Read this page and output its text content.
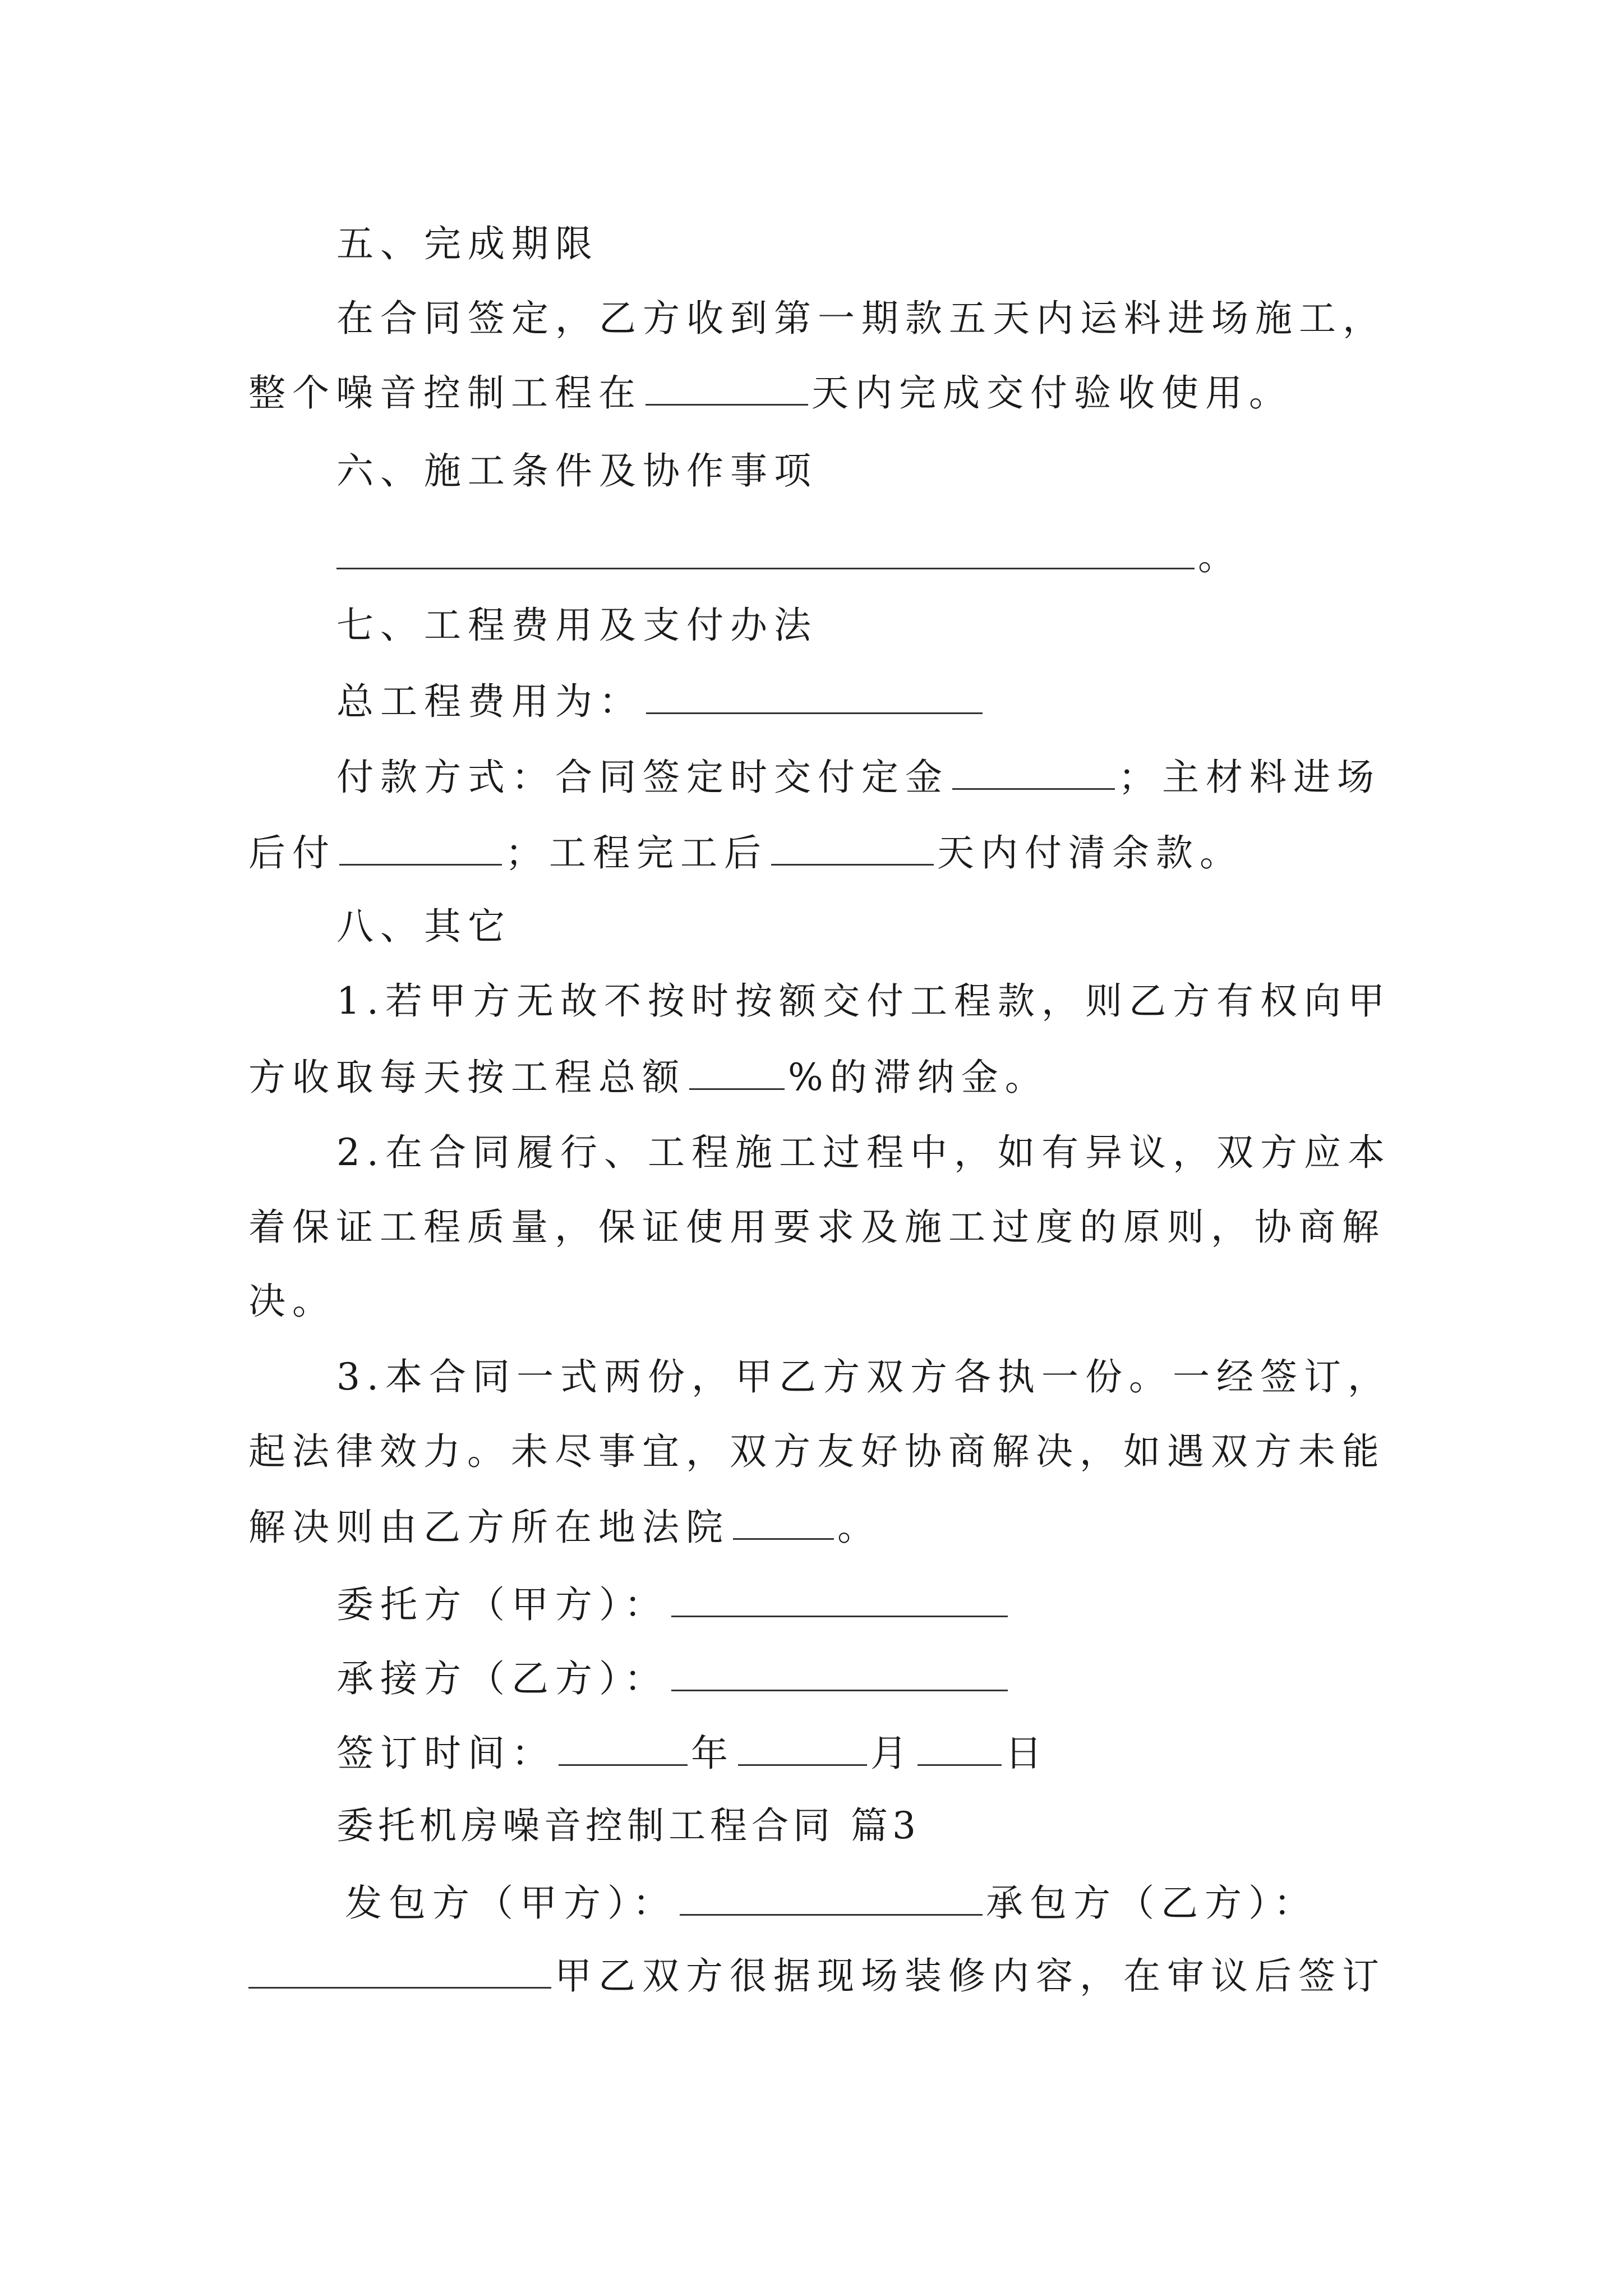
五、完成期限
在合同签定，乙方收到第一期款五天内运料进场施工，
整个噪音控制工程在	天内完成交付验收使用。
六、施工条件及协作事项
。
七、工程费用及支付办法
总工程费用为：
付款方式：合同签定时交付定金	；主材料进场
后付	；工程完工后	天内付清余款。
八、其它
1.若甲方无故不按时按额交付工程款，则乙方有权向甲
方收取每天按工程总额	%的滞纳金。
2.在合同履行、工程施工过程中，如有异议，双方应本
着保证工程质量，保证使用要求及施工过度的原则，协商解
决。
3.本合同一式两份，甲乙方双方各执一份。一经签订，
起法律效力。未尽事宜，双方友好协商解决，如遇双方未能
解决则由乙方所在地法院	。
委托方（甲方）：
承接方（乙方）：
签订时间：	年	月 日
委托机房噪音控制工程合同 篇3
发包方（甲方）：	承包方（乙方）：
甲乙双方很据现场装修内容，在审议后签订
